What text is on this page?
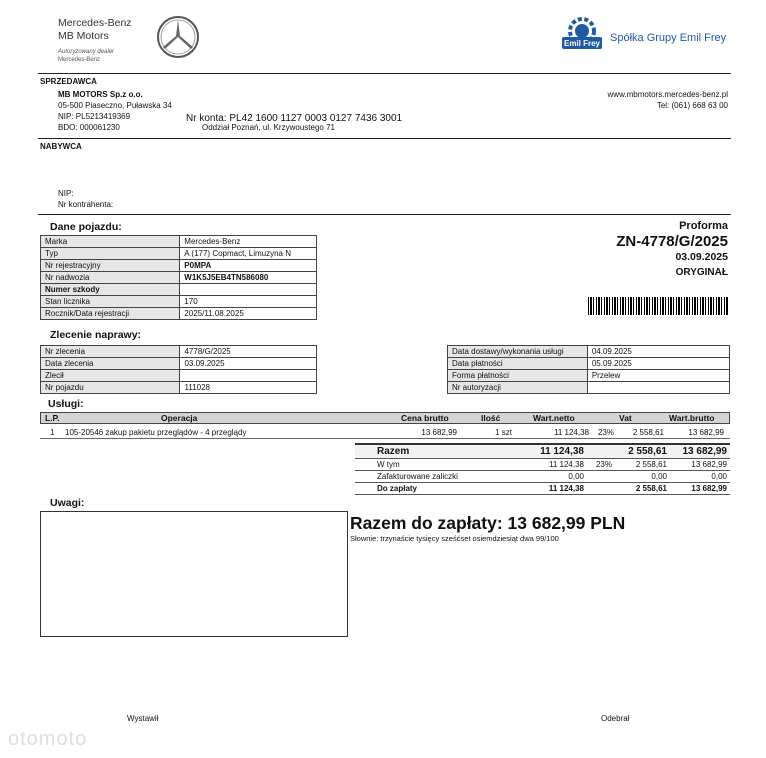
Mercedes-Benz
MB Motors
Autoryzowany dealer
Mercedes-Benz
Emil Frey Spółka Grupy Emil Frey
SPRZEDAWCA
MB MOTORS Sp.z o.o.
05-500 Piaseczno, Puławska 34
NIP: PL5213419369
BDO: 000061230
Nr konta: PL42 1600 1127 0003 0127 7436 3001
Oddział Poznań, ul. Krzywoustego 71
www.mbmotors.mercedes-benz.pl
Tel: (061) 668 63 00
NABYWCA
NIP:
Nr kontrahenta:
Proforma
ZN-4778/G/2025
03.09.2025
ORYGINAŁ
Dane pojazdu:
Marka	Mercedes-Benz
Typ	A (177) Copmact, Limuzyna N
Nr rejestracyjny	P0MPA
Nr nadwozia	W1K5J5EB4TN586080
Numer szkody	
Stan licznika	170
Rocznik/Data rejestracji	2025/11.08.2025
Zlecenie naprawy:
Nr zlecenia	4778/G/2025
Data zlecenia	03.09.2025
Zlecił	
Nr pojazdu	111028
Data dostawy/wykonania usługi	04.09.2025
Data płatności	05.09.2025
Forma płatności	Przelew
Nr autoryzacji	
Usługi:
L.P.	Operacja	Cena brutto	Ilość	Wart.netto	Vat	Wart.brutto
1 105-20546 zakup pakietu przeglądów - 4 przeglądy	13 682,99	1 szt	11 124,38 23% 2 558,61	13 682,99
Razem	11 124,38		2 558,61	13 682,99
W tym	11 124,38	23%	2 558,61	13 682,99
Zafakturowane zaliczki	0,00		0,00	0,00
Do zapłaty	11 124,38		2 558,61	13 682,99
Uwagi:
Razem do zapłaty: 13 682,99 PLN
Słownie: trzynaście tysięcy sześćset osiemdziesiąt dwa 99/100
Wystawił	Odebrał
otomoto
